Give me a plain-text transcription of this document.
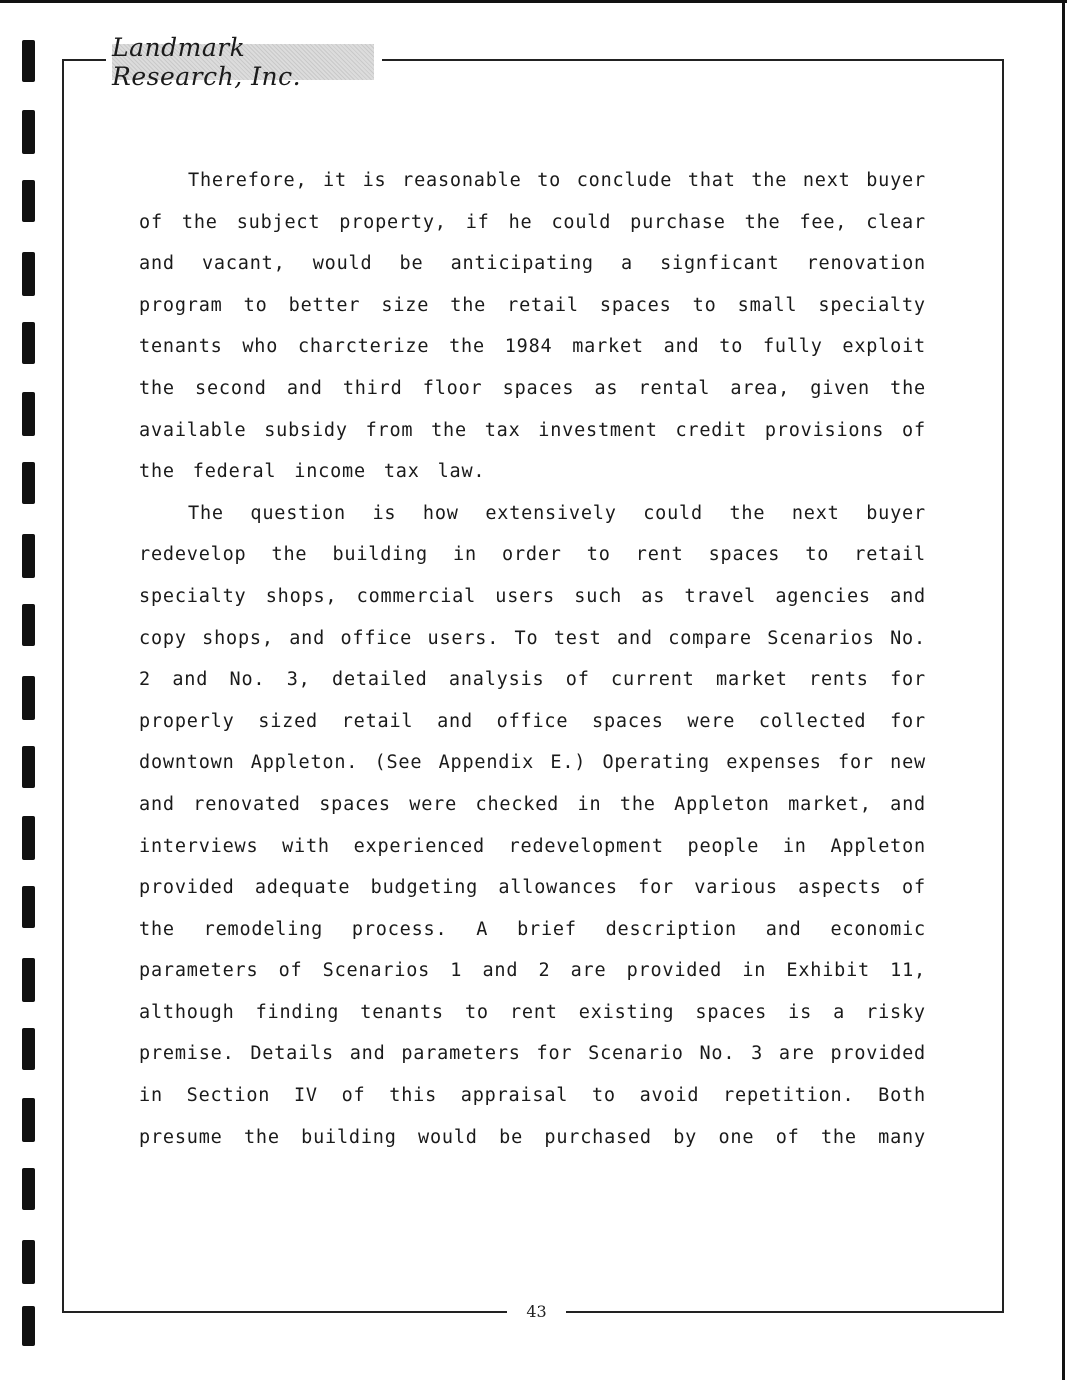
Landmark Research, Inc.
Therefore, it is reasonable to conclude that the next buyer
of the subject property, if he could purchase the fee, clear
and vacant, would be anticipating a signficant renovation
program to better size the retail spaces to small specialty
tenants who charcterize the 1984 market and to fully exploit
the second and third floor spaces as rental area, given the
available subsidy from the tax investment credit provisions of
the federal income tax law.
The question is how extensively could the next buyer
redevelop the building in order to rent spaces to retail
specialty shops, commercial users such as travel agencies and
copy shops, and office users. To test and compare Scenarios No.
2 and No. 3, detailed analysis of current market rents for
properly sized retail and office spaces were collected for
downtown Appleton. (See Appendix E.) Operating expenses for new
and renovated spaces were checked in the Appleton market, and
interviews with experienced redevelopment people in Appleton
provided adequate budgeting allowances for various aspects of
the remodeling process. A brief description and economic
parameters of Scenarios 1 and 2 are provided in Exhibit 11,
although finding tenants to rent existing spaces is a risky
premise. Details and parameters for Scenario No. 3 are provided
in Section IV of this appraisal to avoid repetition. Both
presume the building would be purchased by one of the many
43
